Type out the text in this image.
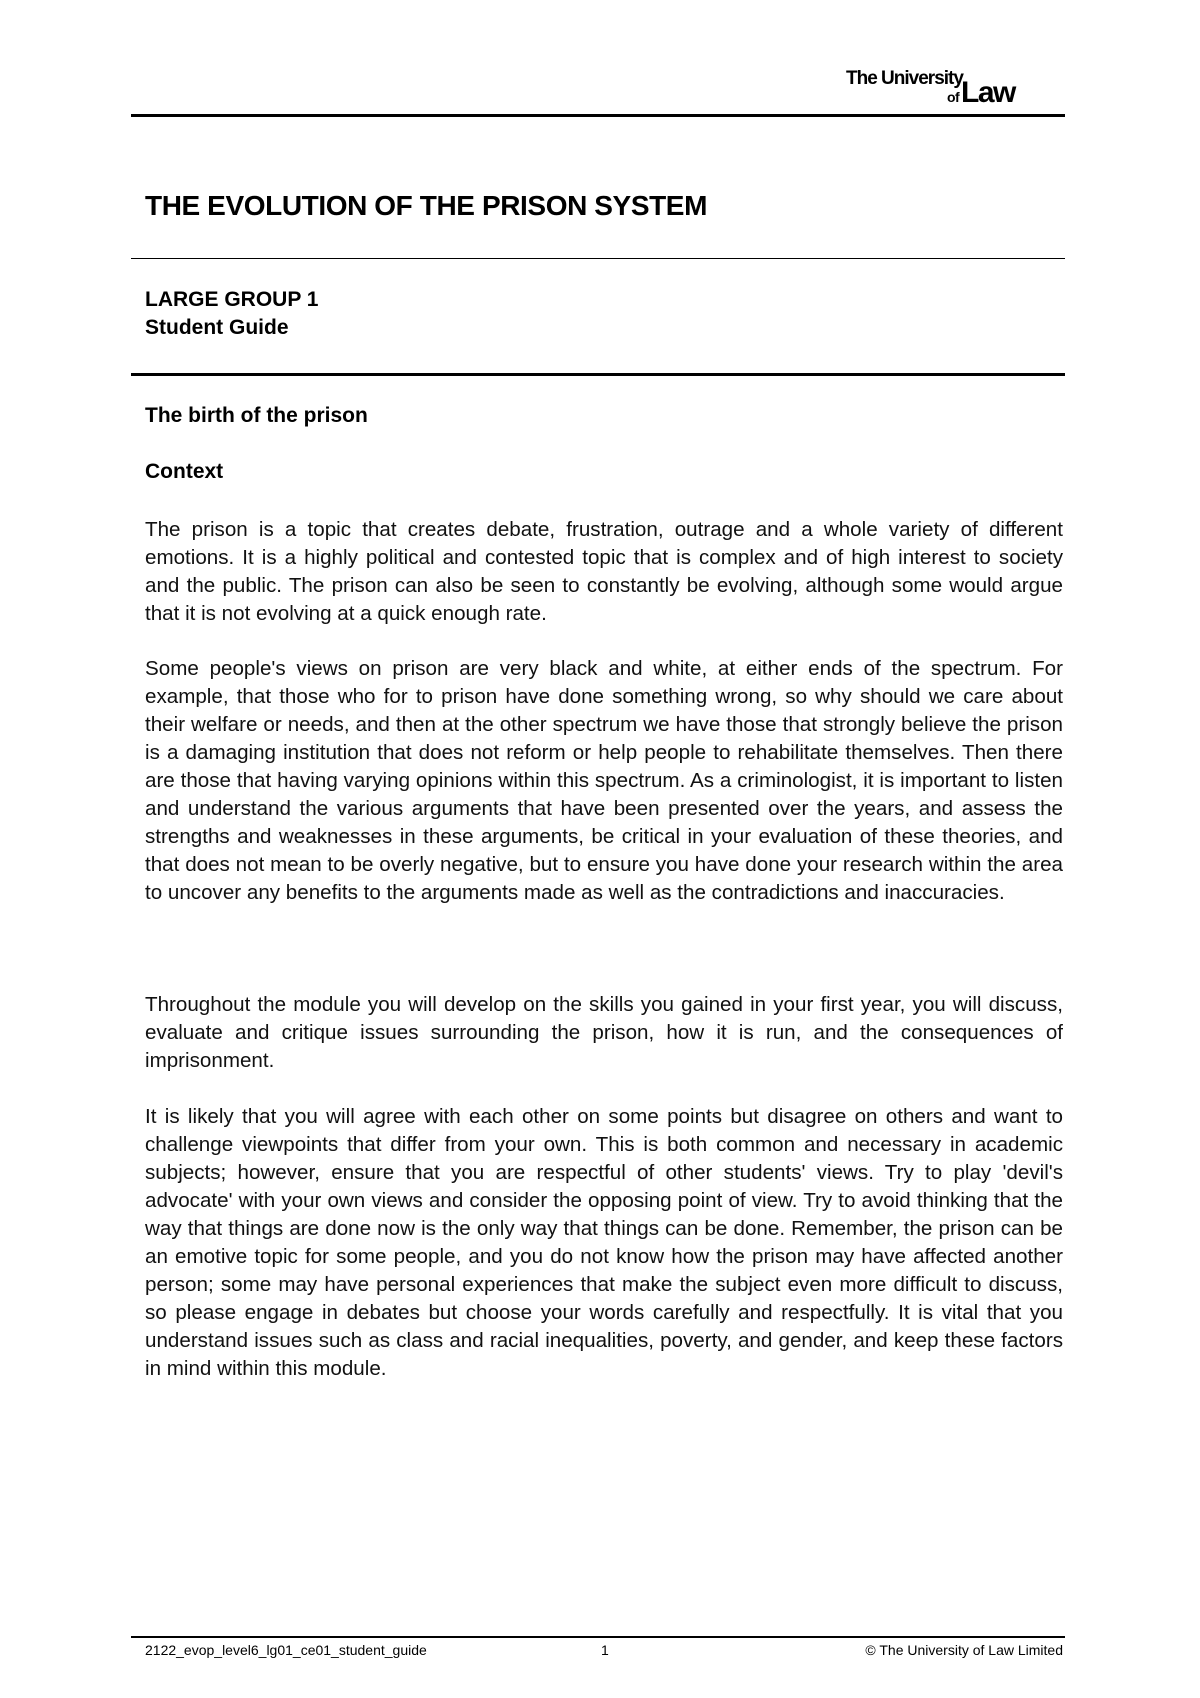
The University
of Law
THE EVOLUTION OF THE PRISON SYSTEM

LARGE GROUP 1

Student Guide

The birth of the prison

Context

The prison is a topic that creates debate, frustration, outrage and a whole variety of different emotions. It is a highly political and contested topic that is complex and of high interest to society and the public. The prison can also be seen to constantly be evolving, although some would argue that it is not evolving at a quick enough rate.

Some people's views on prison are very black and white, at either ends of the spectrum. For example, that those who for to prison have done something wrong, so why should we care about their welfare or needs, and then at the other spectrum we have those that strongly believe the prison is a damaging institution that does not reform or help people to rehabilitate themselves. Then there are those that having varying opinions within this spectrum. As a criminologist, it is important to listen and understand the various arguments that have been presented over the years, and assess the strengths and weaknesses in these arguments, be critical in your evaluation of these theories, and that does not mean to be overly negative, but to ensure you have done your research within the area to uncover any benefits to the arguments made as well as the contradictions and inaccuracies.

Throughout the module you will develop on the skills you gained in your first year, you will discuss, evaluate and critique issues surrounding the prison, how it is run, and the consequences of imprisonment.

It is likely that you will agree with each other on some points but disagree on others and want to challenge viewpoints that differ from your own. This is both common and necessary in academic subjects; however, ensure that you are respectful of other students' views. Try to play 'devil's advocate' with your own views and consider the opposing point of view. Try to avoid thinking that the way that things are done now is the only way that things can be done. Remember, the prison can be an emotive topic for some people, and you do not know how the prison may have affected another person; some may have personal experiences that make the subject even more difficult to discuss, so please engage in debates but choose your words carefully and respectfully. It is vital that you understand issues such as class and racial inequalities, poverty, and gender, and keep these factors in mind within this module.

2122_evop_level6_lg01_ce01_student_guide	1	© The University of Law Limited
